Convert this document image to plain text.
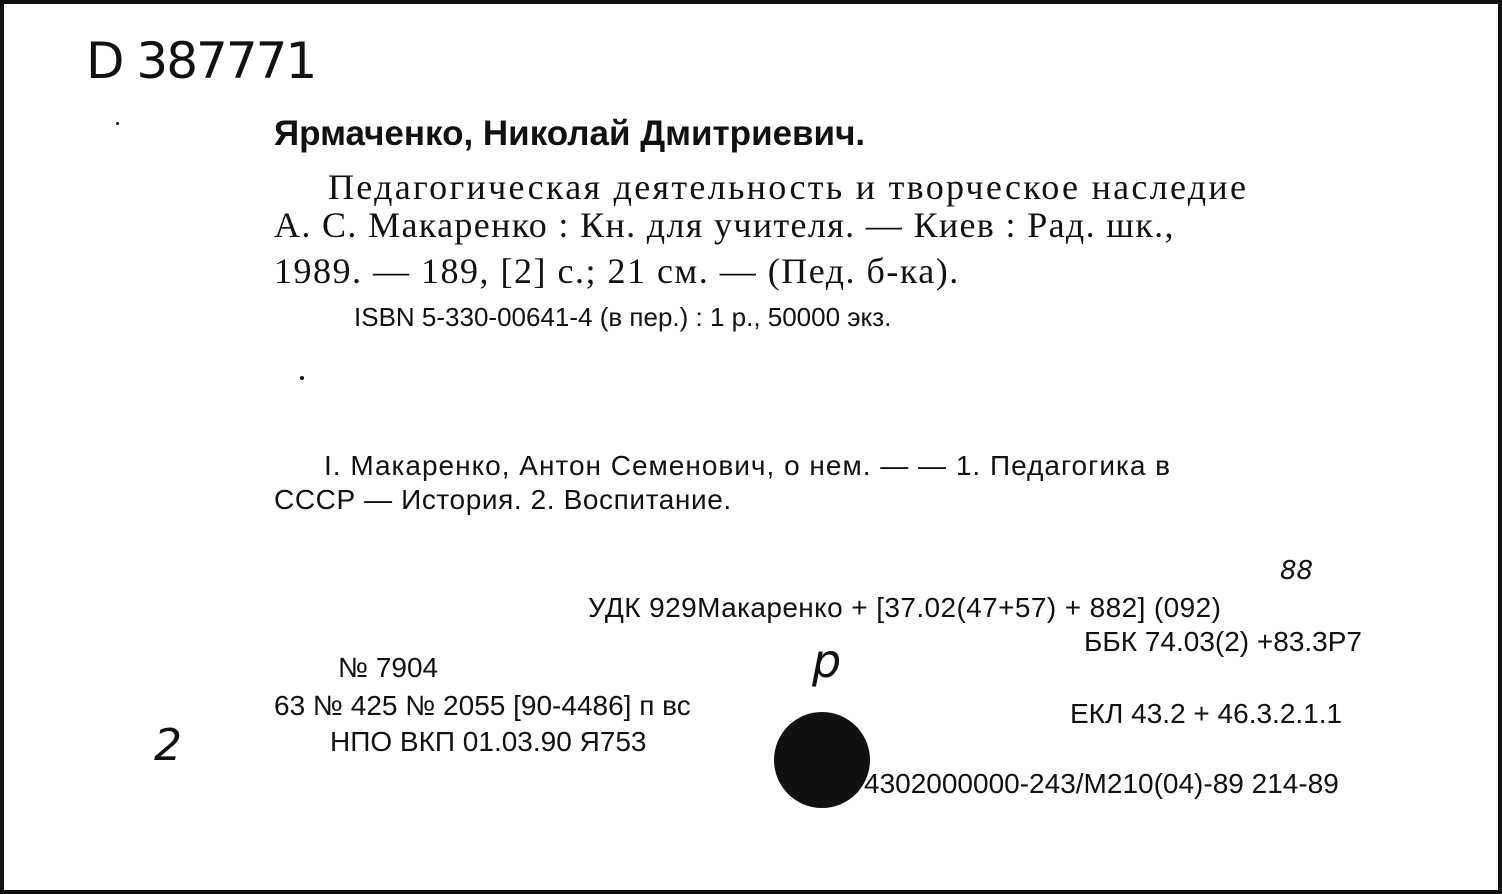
D 387771
Ярмаченко, Николай Дмитриевич.
Педагогическая деятельность и творческое наследие
А. С. Макаренко : Кн. для учителя. — Киев : Рад. шк.,
1989. — 189, [2] с.; 21 см. — (Пед. б-ка).
ISBN 5-330-00641-4 (в пер.) : 1 р., 50000 экз.
I. Макаренко, Антон Семенович, о нем. — — 1. Педагогика в
СССР — История. 2. Воспитание.
88
УДК 929Макаренко + [37.02(47+57) + 882] (092)
ББК 74.03(2) +83.3Р7
№ 7904	р
63 № 425 № 2055 [90-4486] п вс	ЕКЛ 43.2 + 46.3.2.1.1
2	НПО ВКП 01.03.90 Я753
4302000000-243/М210(04)-89 214-89
